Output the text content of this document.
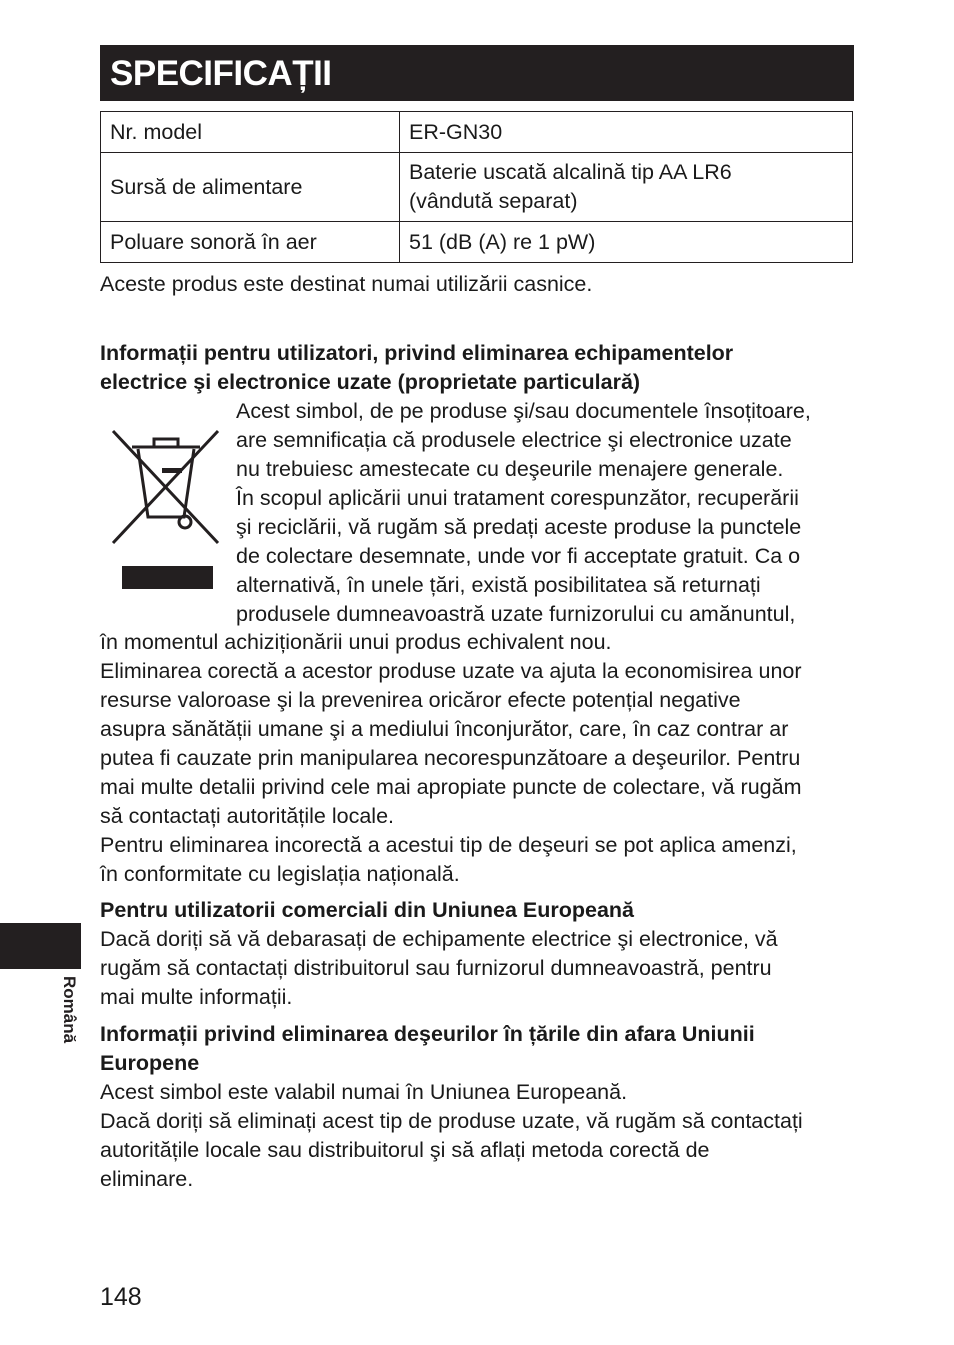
SPECIFICAȚII
Nr. model	ER-GN30
Sursă de alimentare	Baterie uscată alcalină tip AA LR6
(vândută separat)

Poluare sonoră în aer	51 (dB (A) re 1 pW)
Aceste produs este destinat numai utilizării casnice.
Informații pentru utilizatori, privind eliminarea echipamentelor
electrice şi electronice uzate (proprietate particulară)
Acest simbol, de pe produse şi/sau documentele însoțitoare,
are semnificația că produsele electrice şi electronice uzate
nu trebuiesc amestecate cu deşeurile menajere generale.
În scopul aplicării unui tratament corespunzător, recuperării
şi reciclării, vă rugăm să predați aceste produse la punctele
de colectare desemnate, unde vor fi acceptate gratuit. Ca o
alternativă, în unele țări, există posibilitatea să returnați
produsele dumneavoastră uzate furnizorului cu amănuntul,
în momentul achiziționării unui produs echivalent nou.
Eliminarea corectă a acestor produse uzate va ajuta la economisirea unor
resurse valoroase şi la prevenirea oricăror efecte potențial negative
asupra sănătății umane şi a mediului înconjurător, care, în caz contrar ar
putea fi cauzate prin manipularea necorespunzătoare a deşeurilor. Pentru
mai multe detalii privind cele mai apropiate puncte de colectare, vă rugăm
să contactați autoritățile locale.
Pentru eliminarea incorectă a acestui tip de deşeuri se pot aplica amenzi,
în conformitate cu legislația națională.
Pentru utilizatorii comerciali din Uniunea Europeană
Dacă doriți să vă debarasați de echipamente electrice şi electronice, vă
rugăm să contactați distribuitorul sau furnizorul dumneavoastră, pentru
mai multe informații.
Informații privind eliminarea deşeurilor în țările din afara Uniunii
Europene
Acest simbol este valabil numai în Uniunea Europeană.
Dacă doriți să eliminați acest tip de produse uzate, vă rugăm să contactați
autoritățile locale sau distribuitorul şi să aflați metoda corectă de
eliminare.
Română
148
